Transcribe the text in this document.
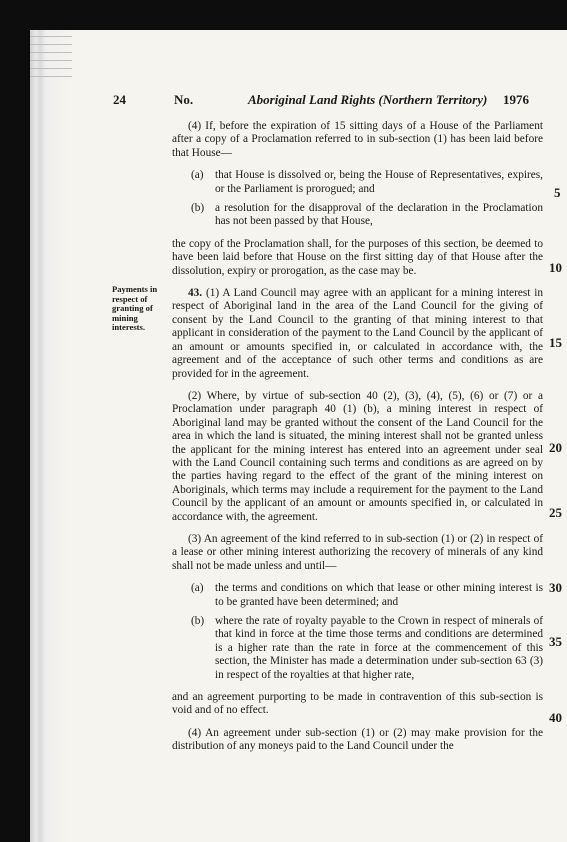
24	No.	Aboriginal Land Rights (Northern Territory) 1976
Payments in respect of granting of mining interests.

(4) If, before the expiration of 15 sitting days of a House of the Parliament after a copy of a Proclamation referred to in sub-section (1) has been laid before that House—

(a)	that House is dissolved or, being the House of Representatives, expires, or the Parliament is prorogued; and
(b) a resolution for the disapproval of the declaration in the Proclamation has not been passed by that House,

the copy of the Proclamation shall, for the purposes of this section, be deemed to have been laid before that House on the first sitting day of that House after the dissolution, expiry or prorogation, as the case may be.

43. (1) A Land Council may agree with an applicant for a mining interest in respect of Aboriginal land in the area of the Land Council for the giving of consent by the Land Council to the granting of that mining interest to that applicant in consideration of the payment to the Land Council by the applicant of an amount or amounts specified in, or calculated in accordance with, the agreement and of the acceptance of such other terms and conditions as are provided for in the agreement.

(2) Where, by virtue of sub-section 40 (2), (3), (4), (5), (6) or (7) or a Proclamation under paragraph 40 (1) (b), a mining interest in respect of Aboriginal land may be granted without the consent of the Land Council for the area in which the land is situated, the mining interest shall not be granted unless the applicant for the mining interest has entered into an agreement under seal with the Land Council containing such terms and conditions as are agreed on by the parties having regard to the effect of the grant of the mining interest on Aboriginals, which terms may include a requirement for the payment to the Land Council by the applicant of an amount or amounts specified in, or calculated in accordance with, the agreement.

(3) An agreement of the kind referred to in sub-section (1) or (2) in respect of a lease or other mining interest authorizing the recovery of minerals of any kind shall not be made unless and until—

(a)	the terms and conditions on which that lease or other mining interest is to be granted have been determined; and
(b) where the rate of royalty payable to the Crown in respect of minerals of that kind in force at the time those terms and conditions are determined is a higher rate than the rate in force at the commencement of this section, the Minister has made a determination under sub-section 63 (3) in respect of the royalties at that higher rate,

and an agreement purporting to be made in contravention of this sub-section is void and of no effect.

(4) An agreement under sub-section (1) or (2) may make provision for the distribution of any moneys paid to the Land Council under the

5
10
15
20
25
30
35
40
